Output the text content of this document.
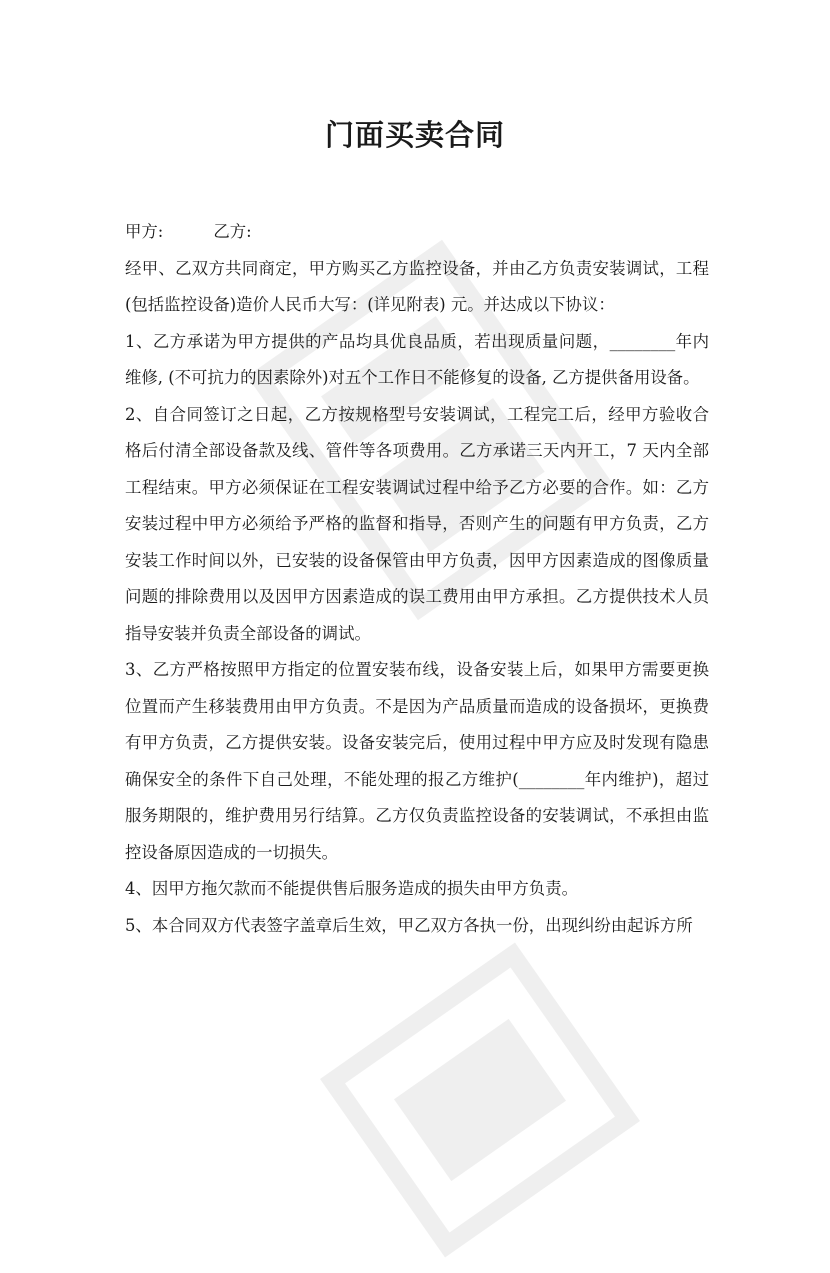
门面买卖合同

甲方:	乙方:

经甲、乙双方共同商定，甲方购买乙方监控设备，并由乙方负责安装调试，工程(包括监控设备)造价人民币大写：(详见附表) 元。并达成以下协议：

1、乙方承诺为甲方提供的产品均具优良品质，若出现质量问题，________年内维修, (不可抗力的因素除外)对五个工作日不能修复的设备, 乙方提供备用设备。

2、自合同签订之日起，乙方按规格型号安装调试，工程完工后，经甲方验收合格后付清全部设备款及线、管件等各项费用。乙方承诺三天内开工，7 天内全部工程结束。甲方必须保证在工程安装调试过程中给予乙方必要的合作。如：乙方安装过程中甲方必须给予严格的监督和指导，否则产生的问题有甲方负责，乙方安装工作时间以外，已安装的设备保管由甲方负责，因甲方因素造成的图像质量问题的排除费用以及因甲方因素造成的误工费用由甲方承担。乙方提供技术人员指导安装并负责全部设备的调试。

3、乙方严格按照甲方指定的位置安装布线，设备安装上后，如果甲方需要更换位置而产生移装费用由甲方负责。不是因为产品质量而造成的设备损坏，更换费有甲方负责，乙方提供安装。设备安装完后，使用过程中甲方应及时发现有隐患确保安全的条件下自己处理，不能处理的报乙方维护(________年内维护)，超过服务期限的，维护费用另行结算。乙方仅负责监控设备的安装调试，不承担由监控设备原因造成的一切损失。

4、因甲方拖欠款而不能提供售后服务造成的损失由甲方负责。

5、本合同双方代表签字盖章后生效，甲乙双方各执一份，出现纠纷由起诉方所
